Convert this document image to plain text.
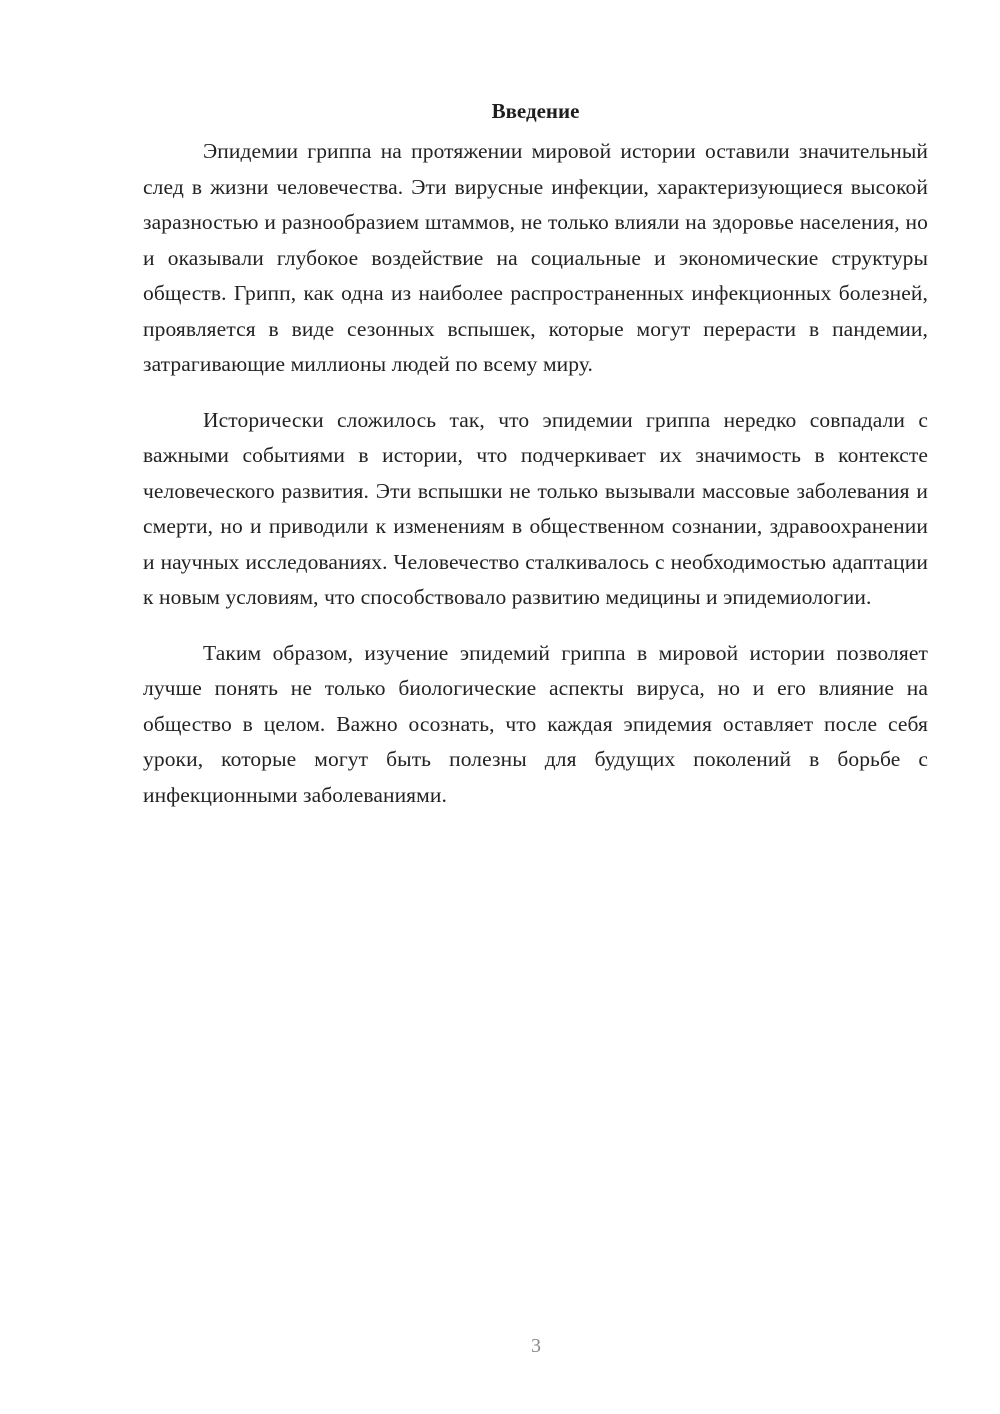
Введение

Эпидемии гриппа на протяжении мировой истории оставили значительный след в жизни человечества. Эти вирусные инфекции, характеризующиеся высокой заразностью и разнообразием штаммов, не только влияли на здоровье населения, но и оказывали глубокое воздействие на социальные и экономические структуры обществ. Грипп, как одна из наиболее распространенных инфекционных болезней, проявляется в виде сезонных вспышек, которые могут перерасти в пандемии, затрагивающие миллионы людей по всему миру.

Исторически сложилось так, что эпидемии гриппа нередко совпадали с важными событиями в истории, что подчеркивает их значимость в контексте человеческого развития. Эти вспышки не только вызывали массовые заболевания и смерти, но и приводили к изменениям в общественном сознании, здравоохранении и научных исследованиях. Человечество сталкивалось с необходимостью адаптации к новым условиям, что способствовало развитию медицины и эпидемиологии.

Таким образом, изучение эпидемий гриппа в мировой истории позволяет лучше понять не только биологические аспекты вируса, но и его влияние на общество в целом. Важно осознать, что каждая эпидемия оставляет после себя уроки, которые могут быть полезны для будущих поколений в борьбе с инфекционными заболеваниями.

3
